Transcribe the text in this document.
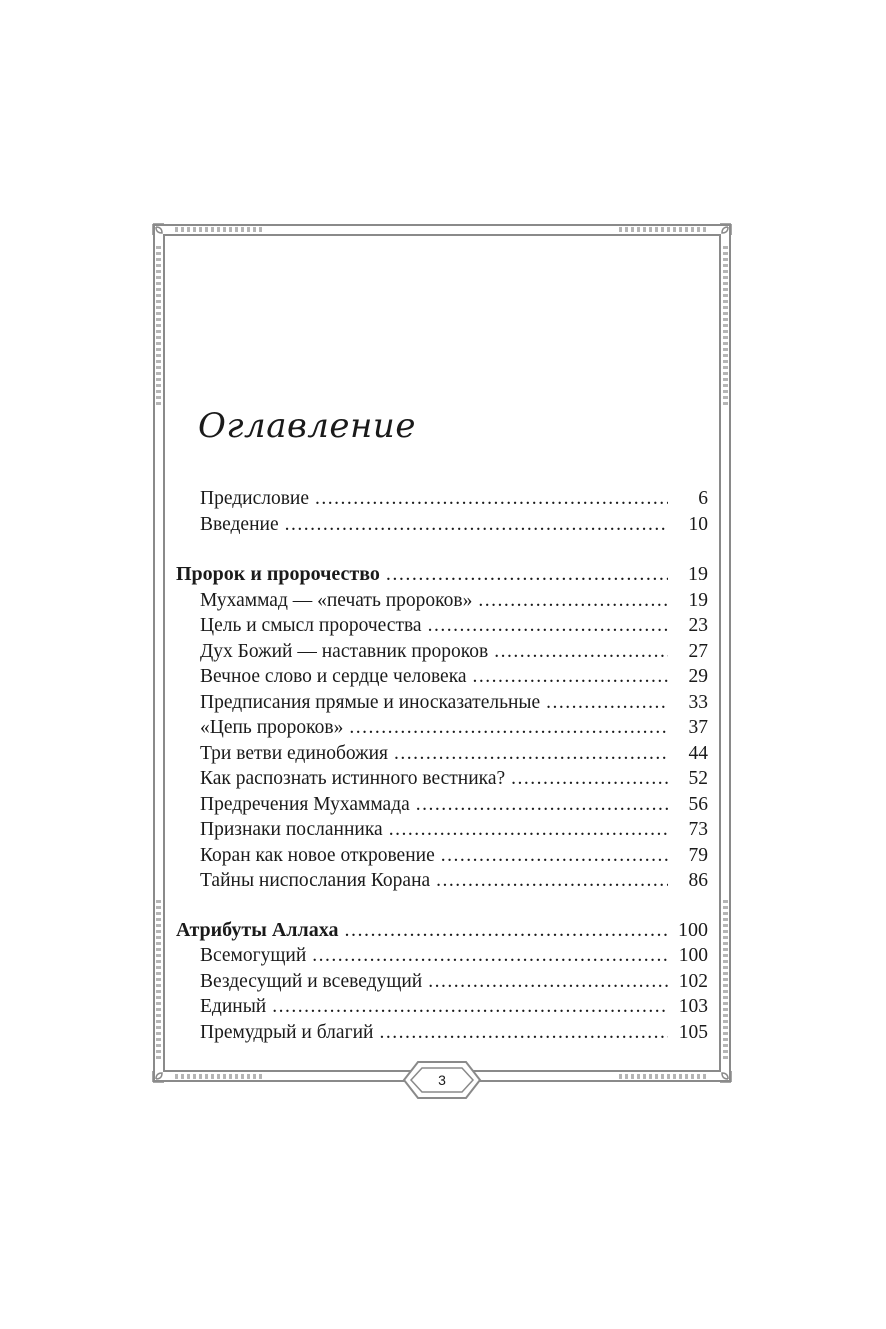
Оглавление
Предисловие .....	6
Введение .....	10
Пророк и пророчество .....	19
Мухаммад — «печать пророков» .....	19
Цель и смысл пророчества .....	23
Дух Божий — наставник пророков .....	27
Вечное слово и сердце человека .....	29
Предписания прямые и иносказательные .....	33
«Цепь пророков» .....	37
Три ветви единобожия .....	44
Как распознать истинного вестника? .....	52
Предречения Мухаммада .....	56
Признаки посланника .....	73
Коран как новое откровение .....	79
Тайны ниспослания Корана .....	86
Атрибуты Аллаха .....	100
Всемогущий .....	100
Вездесущий и всеведущий .....	102
Единый .....	103
Премудрый и благий .....	105
3
